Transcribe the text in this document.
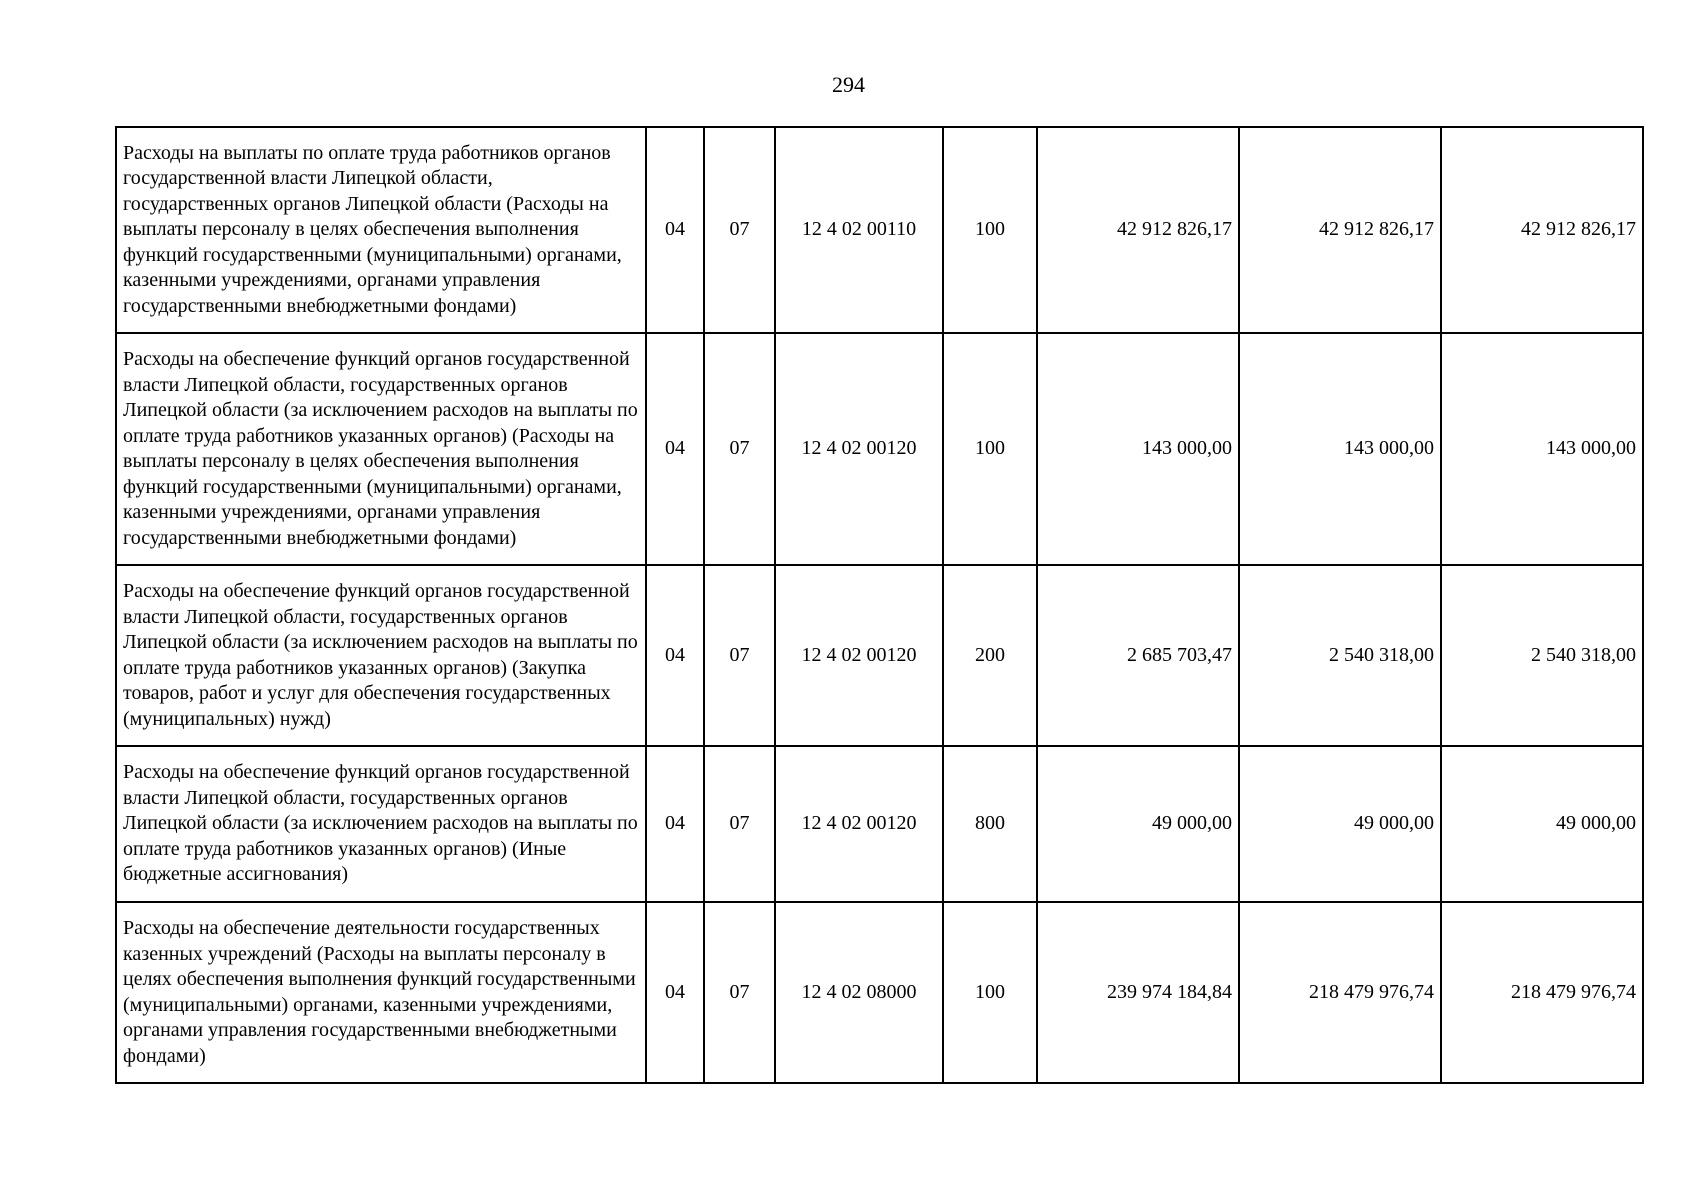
294
Расходы на выплаты по оплате труда работников органов государственной власти Липецкой области, государственных органов Липецкой области (Расходы на выплаты персоналу в целях обеспечения выполнения функций государственными (муниципальными) органами, казенными учреждениями, органами управления государственными внебюджетными фондами)	04	07	12 4 02 00110	100	42 912 826,17	42 912 826,17	42 912 826,17
Расходы на обеспечение функций органов государственной власти Липецкой области, государственных органов Липецкой области (за исключением расходов на выплаты по оплате труда работников указанных органов) (Расходы на выплаты персоналу в целях обеспечения выполнения функций государственными (муниципальными) органами, казенными учреждениями, органами управления государственными внебюджетными фондами)	04	07	12 4 02 00120	100	143 000,00	143 000,00	143 000,00
Расходы на обеспечение функций органов государственной власти Липецкой области, государственных органов Липецкой области (за исключением расходов на выплаты по оплате труда работников указанных органов) (Закупка товаров, работ и услуг для обеспечения государственных (муниципальных) нужд)	04	07	12 4 02 00120	200	2 685 703,47	2 540 318,00	2 540 318,00
Расходы на обеспечение функций органов государственной власти Липецкой области, государственных органов Липецкой области (за исключением расходов на выплаты по оплате труда работников указанных органов) (Иные бюджетные ассигнования)	04	07	12 4 02 00120	800	49 000,00	49 000,00	49 000,00
Расходы на обеспечение деятельности государственных казенных учреждений (Расходы на выплаты персоналу в целях обеспечения выполнения функций государственными (муниципальными) органами, казенными учреждениями, органами управления государственными внебюджетными фондами)	04	07	12 4 02 08000	100	239 974 184,84	218 479 976,74	218 479 976,74
